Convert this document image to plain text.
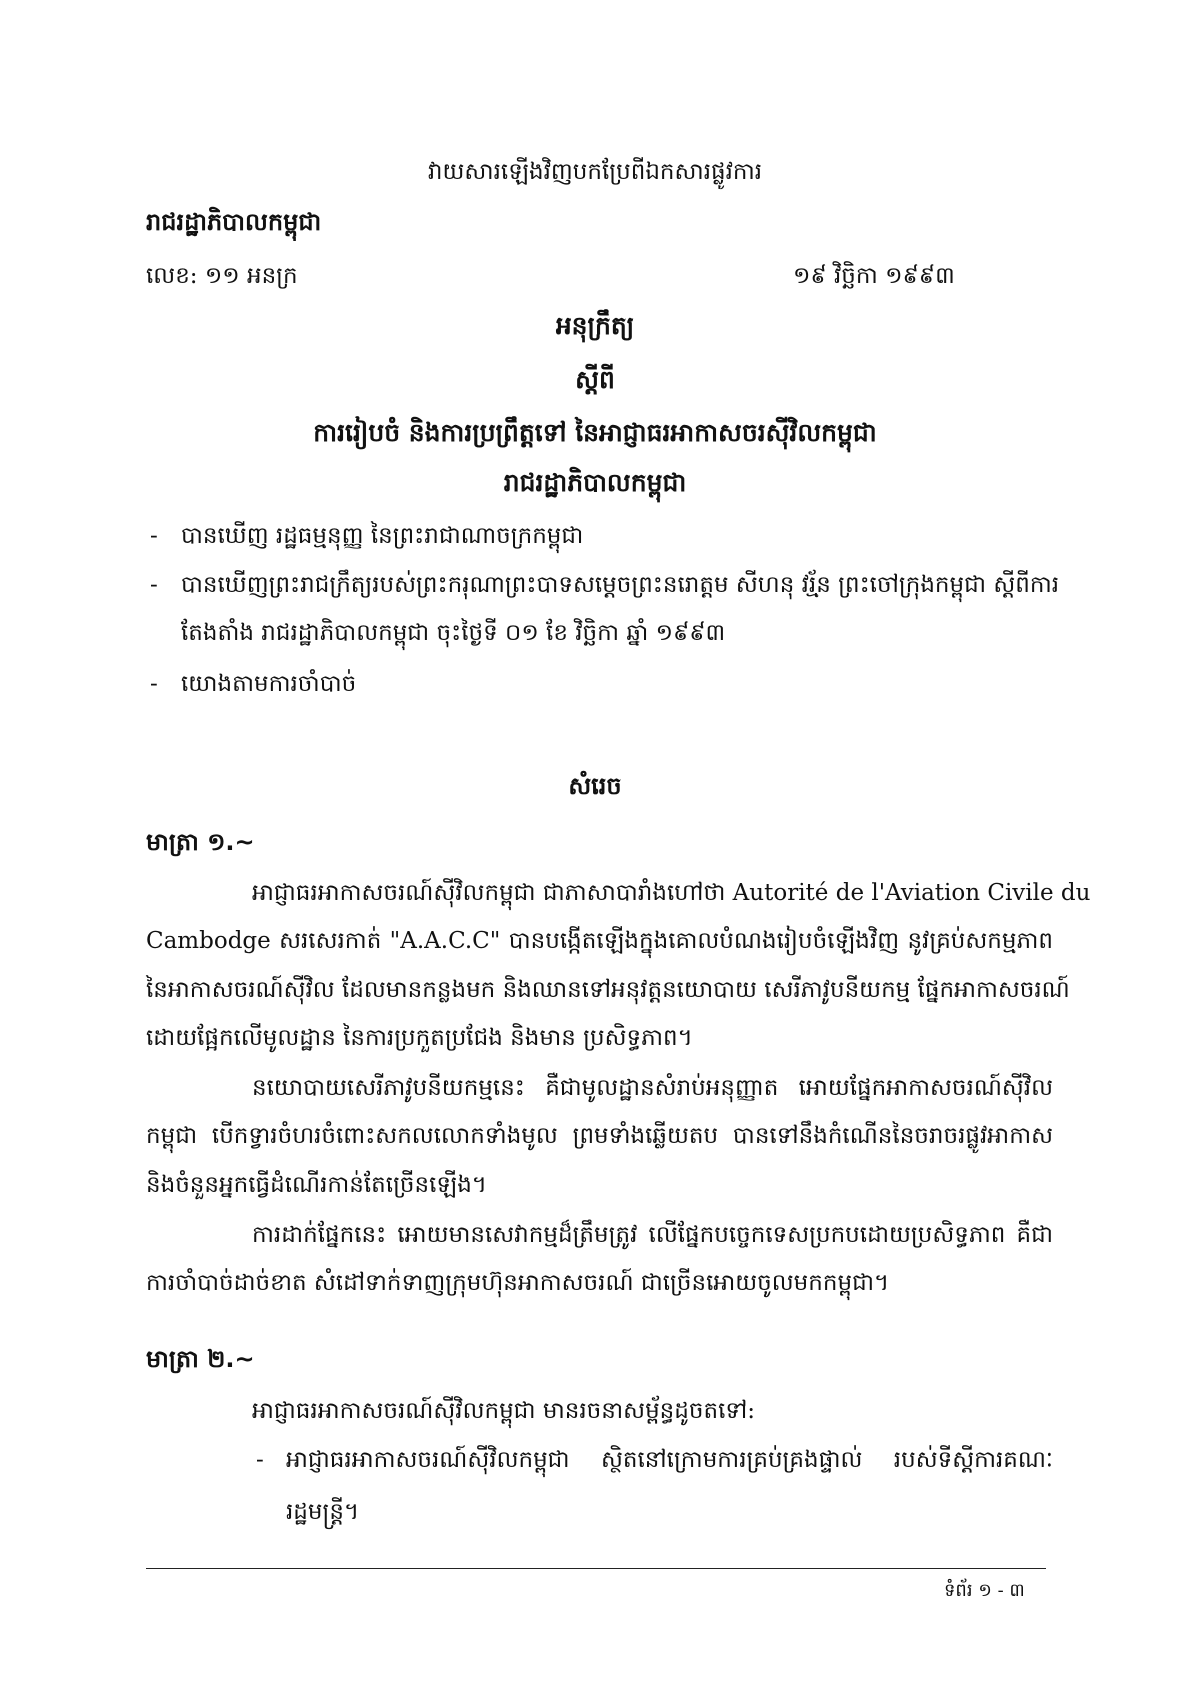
វាយសារឡើងវិញបកប្រែពីឯកសារផ្លូវការ
រាជរដ្ឋាភិបាលកម្ពុជា
លេខ: ១១ អនក្រ	១៩ វិច្ឆិកា ១៩៩៣
អនុក្រឹត្យ
ស្តីពី
ការរៀបចំ និងការប្រព្រឹត្តទៅ នៃអាជ្ញាធរអាកាសចរស៊ីវិលកម្ពុជា
រាជរដ្ឋាភិបាលកម្ពុជា
- បានឃើញ រដ្ឋធម្មនុញ្ញ នៃព្រះរាជាណាចក្រកម្ពុជា
- បានឃើញព្រះរាជក្រឹត្យរបស់ព្រះករុណាព្រះបាទសម្តេចព្រះនរោត្តម សីហនុ វរ្ម័ន ព្រះចៅក្រុងកម្ពុជា ស្តីពីការ
តែងតាំង រាជរដ្ឋាភិបាលកម្ពុជា ចុះថ្ងៃទី ០១ ខែ វិច្ឆិកា ឆ្នាំ ១៩៩៣
- យោងតាមការចាំបាច់
សំរេច
មាត្រា ១.~
អាជ្ញាធរអាកាសចរណ៍ស៊ីវិលកម្ពុជា ជាភាសាបារាំងហៅថា Autorité de l'Aviation Civile du
Cambodge សរសេរកាត់ "A.A.C.C" បានបង្កើតឡើងក្នុងគោលបំណងរៀបចំឡើងវិញ នូវគ្រប់សកម្មភាព
នៃអាកាសចរណ៍ស៊ីវិល ដែលមានកន្លងមក និងឈានទៅអនុវត្តនយោបាយ សេរីភាវូបនីយកម្ម ផ្នែកអាកាសចរណ៍
ដោយផ្អែកលើមូលដ្ឋាន នៃការប្រកួតប្រជែង និងមាន ប្រសិទ្ធភាព។
នយោបាយសេរីភាវូបនីយកម្មនេះ គឺជាមូលដ្ឋានសំរាប់អនុញ្ញាត អោយផ្នែកអាកាសចរណ៍ស៊ីវិល
កម្ពុជា បើកទ្វារចំហរចំពោះសកលលោកទាំងមូល ព្រមទាំងឆ្លើយតប បានទៅនឹងកំណើននៃចរាចរផ្លូវអាកាស
និងចំនួនអ្នកធ្វើដំណើរកាន់តែច្រើនឡើង។
ការដាក់ផ្នែកនេះ អោយមានសេវាកម្មដ៏ត្រឹមត្រូវ លើផ្នែកបច្ចេកទេសប្រកបដោយប្រសិទ្ធភាព គឺជា
ការចាំបាច់ដាច់ខាត សំដៅទាក់ទាញក្រុមហ៊ុនអាកាសចរណ៍ ជាច្រើនអោយចូលមកកម្ពុជា។
មាត្រា ២.~
អាជ្ញាធរអាកាសចរណ៍ស៊ីវិលកម្ពុជា មានរចនាសម្ព័ន្ធដូចតទៅ:
- អាជ្ញាធរអាកាសចរណ៍ស៊ីវិលកម្ពុជា ស្ថិតនៅក្រោមការគ្រប់គ្រងផ្ទាល់ របស់ទីស្តីការគណៈ
រដ្ឋមន្ត្រី។
ទំព័រ ១ - ៣
